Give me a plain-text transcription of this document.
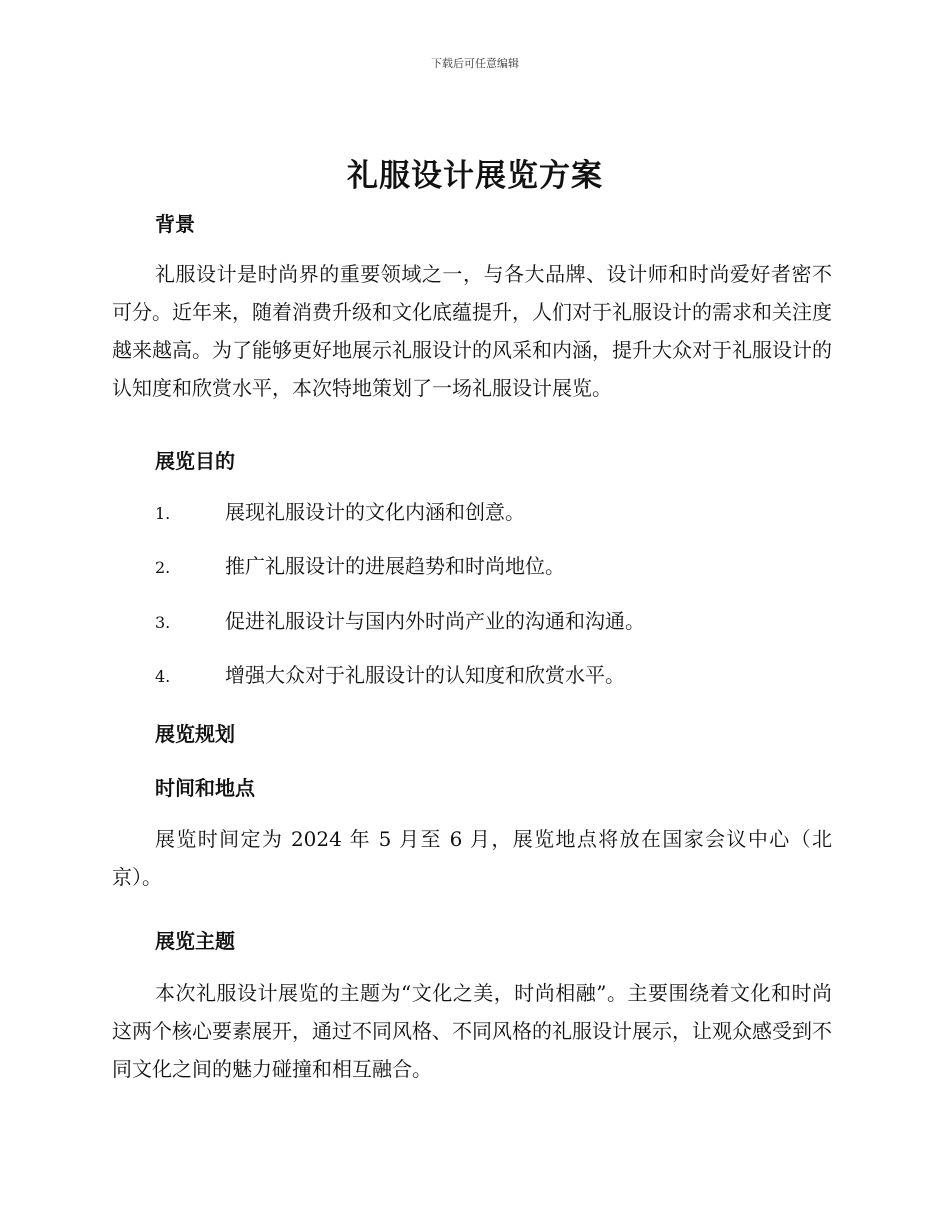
下载后可任意编辑
礼服设计展览方案
背景
礼服设计是时尚界的重要领域之一，与各大品牌、设计师和时尚爱好者密不可分。近年来，随着消费升级和文化底蕴提升，人们对于礼服设计的需求和关注度越来越高。为了能够更好地展示礼服设计的风采和内涵，提升大众对于礼服设计的认知度和欣赏水平，本次特地策划了一场礼服设计展览。
展览目的
1.	展现礼服设计的文化内涵和创意。
2.	推广礼服设计的进展趋势和时尚地位。
3.	促进礼服设计与国内外时尚产业的沟通和沟通。
4.	增强大众对于礼服设计的认知度和欣赏水平。
展览规划
时间和地点
展览时间定为 2024 年 5 月至 6 月，展览地点将放在国家会议中心（北京）。
展览主题
本次礼服设计展览的主题为“文化之美，时尚相融”。主要围绕着文化和时尚这两个核心要素展开，通过不同风格、不同风格的礼服设计展示，让观众感受到不同文化之间的魅力碰撞和相互融合。
